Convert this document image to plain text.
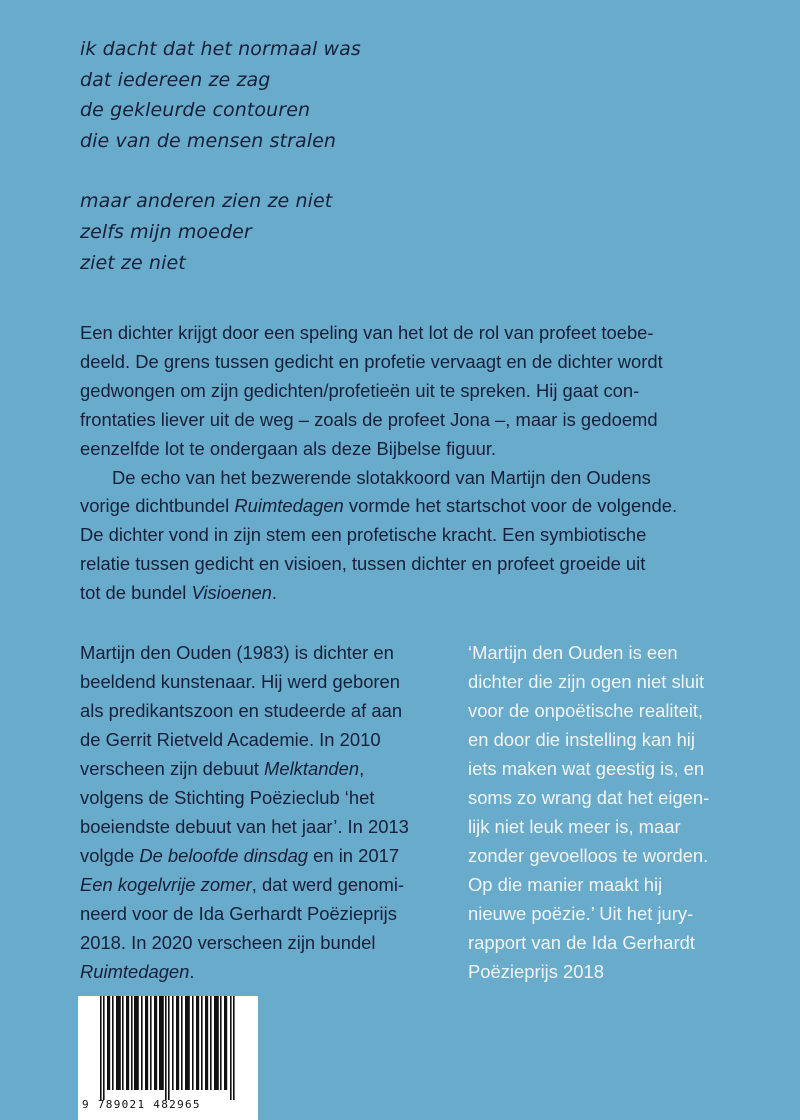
ik dacht dat het normaal was
dat iedereen ze zag
de gekleurde contouren
die van de mensen stralen

maar anderen zien ze niet
zelfs mijn moeder
ziet ze niet

Een dichter krijgt door een speling van het lot de rol van profeet toebe-
deeld. De grens tussen gedicht en profetie vervaagt en de dichter wordt
gedwongen om zijn gedichten/profetieën uit te spreken. Hij gaat con-
frontaties liever uit de weg – zoals de profeet Jona –, maar is gedoemd
eenzelfde lot te ondergaan als deze Bijbelse figuur.
De echo van het bezwerende slotakkoord van Martijn den Oudens
vorige dichtbundel Ruimtedagen vormde het startschot voor de volgende.
De dichter vond in zijn stem een profetische kracht. Een symbiotische
relatie tussen gedicht en visioen, tussen dichter en profeet groeide uit
tot de bundel Visioenen.
Martijn den Ouden (1983) is dichter en
beeldend kunstenaar. Hij werd geboren
als predikantszoon en studeerde af aan
de Gerrit Rietveld Academie. In 2010
verscheen zijn debuut Melktanden,
volgens de Stichting Poëzieclub ‘het
boeiendste debuut van het jaar’. In 2013
volgde De beloofde dinsdag en in 2017
Een kogelvrije zomer, dat werd genomi-
neerd voor de Ida Gerhardt Poëzieprijs
2018. In 2020 verscheen zijn bundel
Ruimtedagen.
‘Martijn den Ouden is een
dichter die zijn ogen niet sluit
voor de onpoëtische realiteit,
en door die instelling kan hij
iets maken wat geestig is, en
soms zo wrang dat het eigen-
lijk niet leuk meer is, maar
zonder gevoelloos te worden.
Op die manier maakt hij
nieuwe poëzie.’ Uit het jury-
rapport van de Ida Gerhardt
Poëzieprijs 2018
9 789021 482965
